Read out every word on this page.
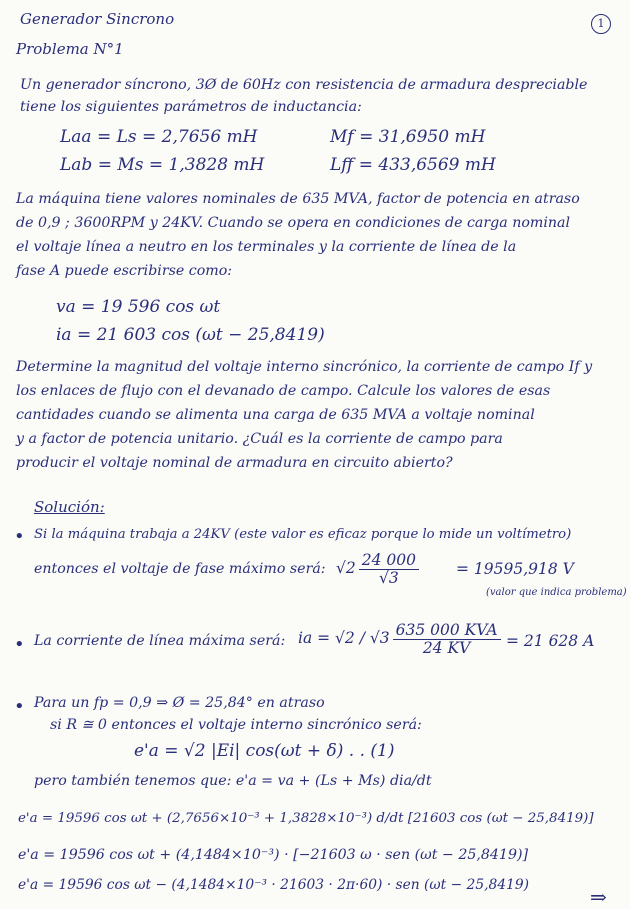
Generador Sincrono	1
Problema N°1
Un generador síncrono, 3Ø de 60Hz con resistencia de armadura despreciable
tiene los siguientes parámetros de inductancia:
Laa = Ls = 2,7656 mH	Mf = 31,6950 mH
Lab = Ms = 1,3828 mH	Lff = 433,6569 mH
La máquina tiene valores nominales de 635 MVA, factor de potencia en atraso
de 0,9 ; 3600RPM y 24KV. Cuando se opera en condiciones de carga nominal
el voltaje línea a neutro en los terminales y la corriente de línea de la
fase A puede escribirse como:
va = 19 596 cos ωt
ia = 21 603 cos (ωt − 25,8419)
Determine la magnitud del voltaje interno sincrónico, la corriente de campo If y
los enlaces de flujo con el devanado de campo. Calcule los valores de esas
cantidades cuando se alimenta una carga de 635 MVA a voltaje nominal
y a factor de potencia unitario. ¿Cuál es la corriente de campo para
producir el voltaje nominal de armadura en circuito abierto?
Solución:
• Si la máquina trabaja a 24KV (este valor es eficaz porque lo mide un voltímetro)
entonces el voltaje de fase máximo será: $√2 \frac{24 000}{√3} = 19595,918$ V
(valor que indica problema)
• La corriente de línea máxima será: ia = $√2 / √3 \frac{\text{635 000 KVA}}{24 KV} = 21$ 628 A
• Para un fp = 0,9 ⇒ Ø = 25,84° en atraso
si R ≅ 0 entonces el voltaje interno sincrónico será:
e'a = √2 |Ei| cos(ωt + δ) . . (1)
pero también tenemos que: e'a = va + (Ls + Ms) dia/dt
e'a = 19596 cos ωt + (2,7656×10⁻³ + 1,3828×10⁻³) d/dt [21603 cos (ωt − 25,8419)]
e'a = 19596 cos ωt + (4,1484×10⁻³) · [−21603 ω · sen (ωt − 25,8419)]
e'a = 19596 cos ωt − (4,1484×10⁻³ · 21603 · 2π·60) · sen (ωt − 25,8419)	⇒
